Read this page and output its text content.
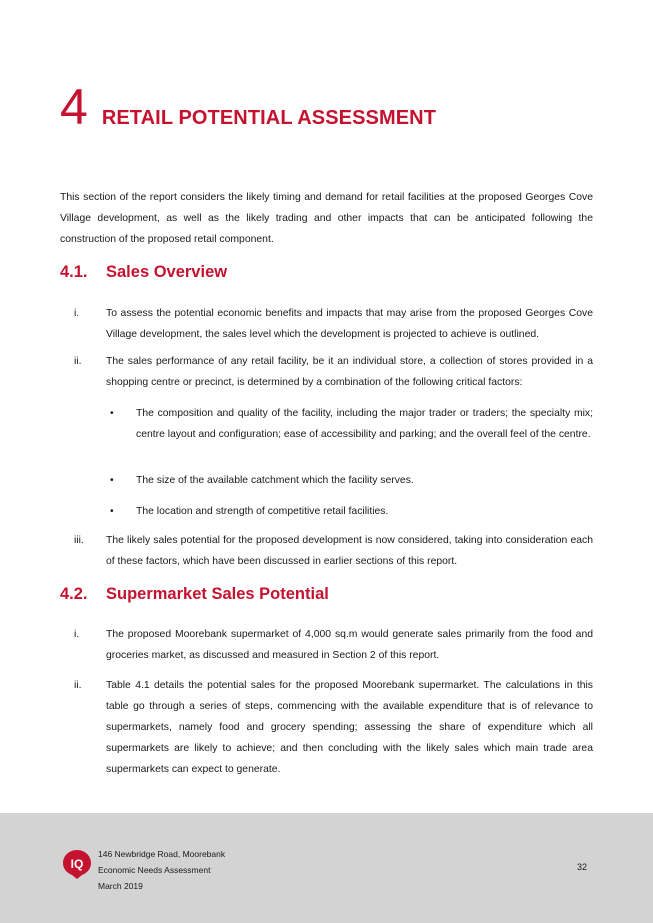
4 RETAIL POTENTIAL ASSESSMENT
This section of the report considers the likely timing and demand for retail facilities at the proposed Georges Cove Village development, as well as the likely trading and other impacts that can be anticipated following the construction of the proposed retail component.
4.1.	Sales Overview
i.	To assess the potential economic benefits and impacts that may arise from the proposed Georges Cove Village development, the sales level which the development is projected to achieve is outlined.
ii. The sales performance of any retail facility, be it an individual store, a collection of stores provided in a shopping centre or precinct, is determined by a combination of the following critical factors:
• The composition and quality of the facility, including the major trader or traders; the specialty mix; centre layout and configuration; ease of accessibility and parking; and the overall feel of the centre.
• The size of the available catchment which the facility serves.
• The location and strength of competitive retail facilities.
iii. The likely sales potential for the proposed development is now considered, taking into consideration each of these factors, which have been discussed in earlier sections of this report.
4.2.	Supermarket Sales Potential
i.	The proposed Moorebank supermarket of 4,000 sq.m would generate sales primarily from the food and groceries market, as discussed and measured in Section 2 of this report.
ii. Table 4.1 details the potential sales for the proposed Moorebank supermarket. The calculations in this table go through a series of steps, commencing with the available expenditure that is of relevance to supermarkets, namely food and grocery spending; assessing the share of expenditure which all supermarkets are likely to achieve; and then concluding with the likely sales which main trade area supermarkets can expect to generate.
IQ
146 Newbridge Road, Moorebank
Economic Needs Assessment
March 2019
32
